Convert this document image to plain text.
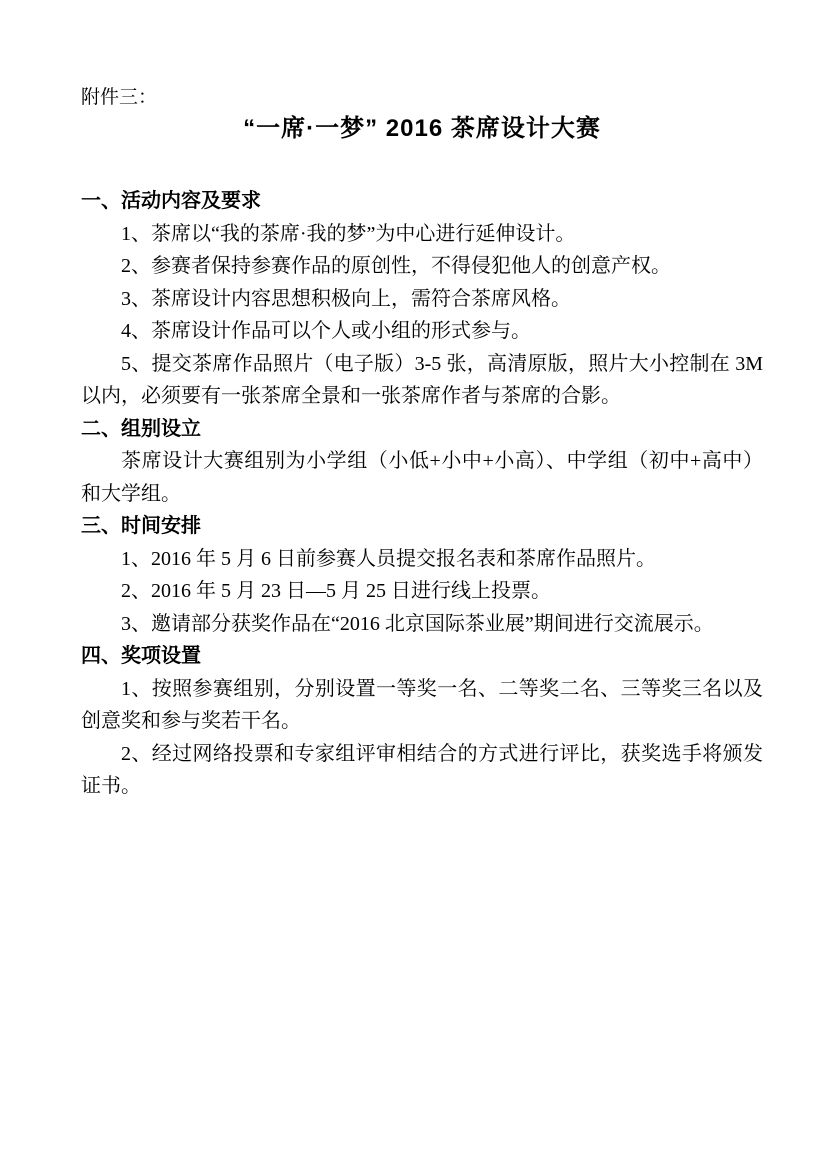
附件三：

“一席·一梦” 2016 茶席设计大赛
一、活动内容及要求

1、茶席以“我的茶席·我的梦”为中心进行延伸设计。

2、参赛者保持参赛作品的原创性，不得侵犯他人的创意产权。

3、茶席设计内容思想积极向上，需符合茶席风格。

4、茶席设计作品可以个人或小组的形式参与。

5、提交茶席作品照片（电子版）3-5 张，高清原版，照片大小控制在 3M 以内，必须要有一张茶席全景和一张茶席作者与茶席的合影。

二、组别设立

茶席设计大赛组别为小学组（小低+小中+小高）、中学组（初中+高中）和大学组。

三、时间安排

1、2016 年 5 月 6 日前参赛人员提交报名表和茶席作品照片。

2、2016 年 5 月 23 日—5 月 25 日进行线上投票。

3、邀请部分获奖作品在“2016 北京国际茶业展”期间进行交流展示。

四、奖项设置

1、按照参赛组别，分别设置一等奖一名、二等奖二名、三等奖三名以及创意奖和参与奖若干名。

2、经过网络投票和专家组评审相结合的方式进行评比，获奖选手将颁发证书。
